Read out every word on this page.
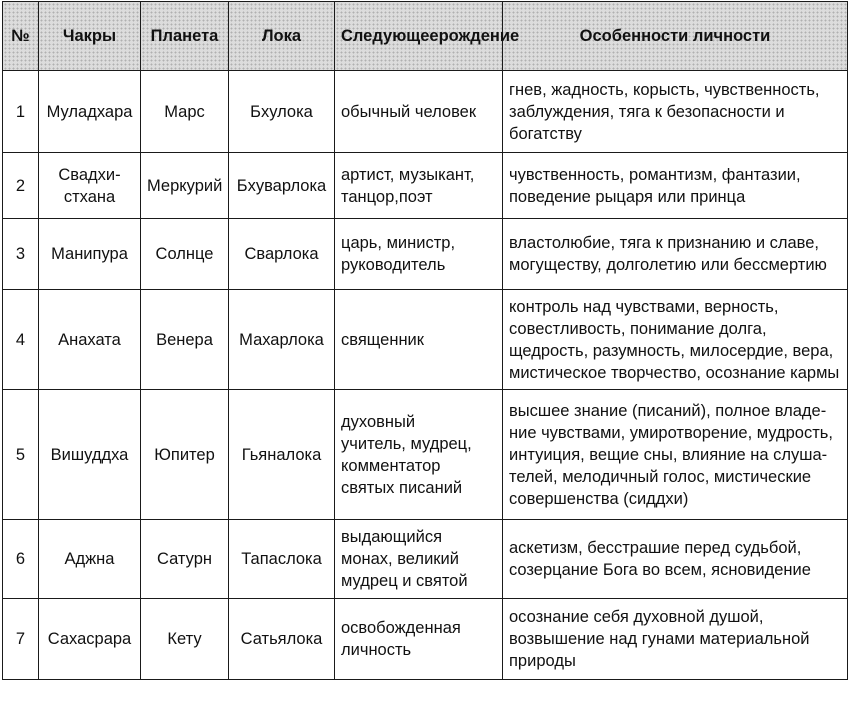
№	Чакры	Планета	Лока	Следующеерождение	Особенности личности
1	Муладхара	Марс	Бхулока	обычный человек	гнев, жадность, корысть, чувственность,
заблуждения, тяга к безопасности и
богатству

2	Свадхи-
стхана	Меркурий	Бхуварлока	артист, музыкант,
танцор,поэт	чувственность, романтизм, фантазии,
поведение рыцаря или принца

3	Манипура	Солнце	Сварлока	царь, министр,
руководитель	властолюбие, тяга к признанию и славе,
могуществу, долголетию или бессмертию

4	Анахата	Венера	Махарлока	священник	контроль над чувствами, верность,
совестливость, понимание долга,
щедрость, разумность, милосердие, вера,
мистическое творчество, осознание кармы

5	Вишуддха	Юпитер	Гьяналока	духовный
учитель, мудрец,
комментатор
святых писаний	высшее знание (писаний), полное владе-
ние чувствами, умиротворение, мудрость,
интуиция, вещие сны, влияние на слуша-
телей, мелодичный голос, мистические
совершенства (сиддхи)

6	Аджна	Сатурн	Тапаслока	выдающийся
монах, великий
мудрец и святой	аскетизм, бесстрашие перед судьбой,
созерцание Бога во всем, ясновидение

7	Сахасрара	Кету	Сатьялока	освобожденная
личность	осознание себя духовной душой,
возвышение над гунами материальной
природы
